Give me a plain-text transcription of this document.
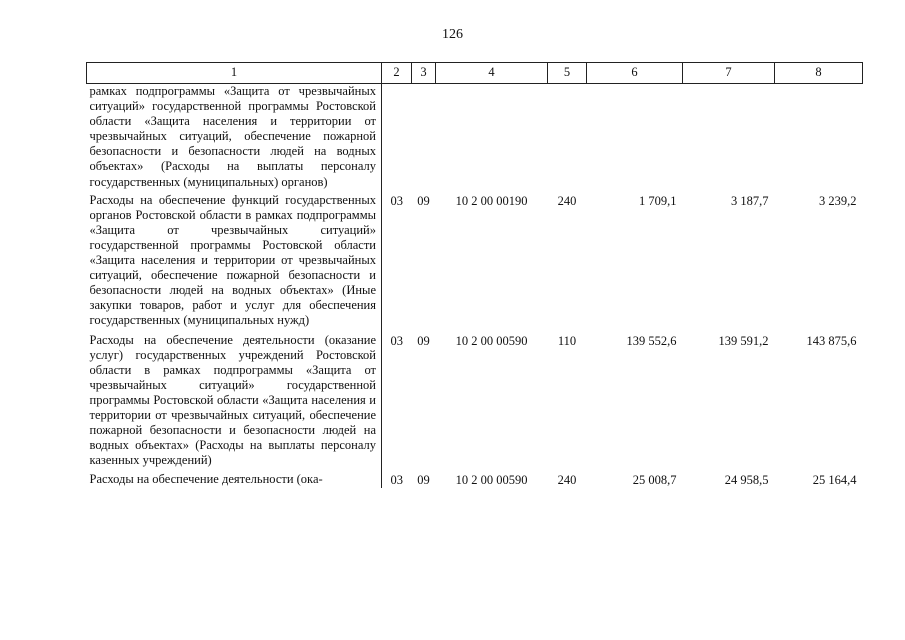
126
1	2	3	4	5	6	7	8
рамках подпрограммы «Защита от чрезвычайных ситуаций» государственной программы Ростовской области «Защита населения и территории от чрезвычайных ситуаций, обеспечение пожарной безопасности и безопасности людей на водных объектах» (Расходы на выплаты персоналу государственных (муниципальных) органов)							
Расходы на обеспечение функций государственных органов Ростовской области в рамках подпрограммы «Защита от чрезвычайных ситуаций» государственной программы Ростовской области «Защита населения и территории от чрезвычайных ситуаций, обеспечение пожарной безопасности и безопасности людей на водных объектах» (Иные закупки товаров, работ и услуг для обеспечения государственных (муниципальных нужд)	03	09	10 2 00 00190	240	1 709,1	3 187,7	3 239,2
Расходы на обеспечение деятельности (оказание услуг) государственных учреждений Ростовской области в рамках подпрограммы «Защита от чрезвычайных ситуаций» государственной программы Ростовской области «Защита населения и территории от чрезвычайных ситуаций, обеспечение пожарной безопасности и безопасности людей на водных объектах» (Расходы на выплаты персоналу казенных учреждений)	03	09	10 2 00 00590	110	139 552,6	139 591,2	143 875,6
Расходы на обеспечение деятельности (ока-	03	09	10 2 00 00590	240	25 008,7	24 958,5	25 164,4
